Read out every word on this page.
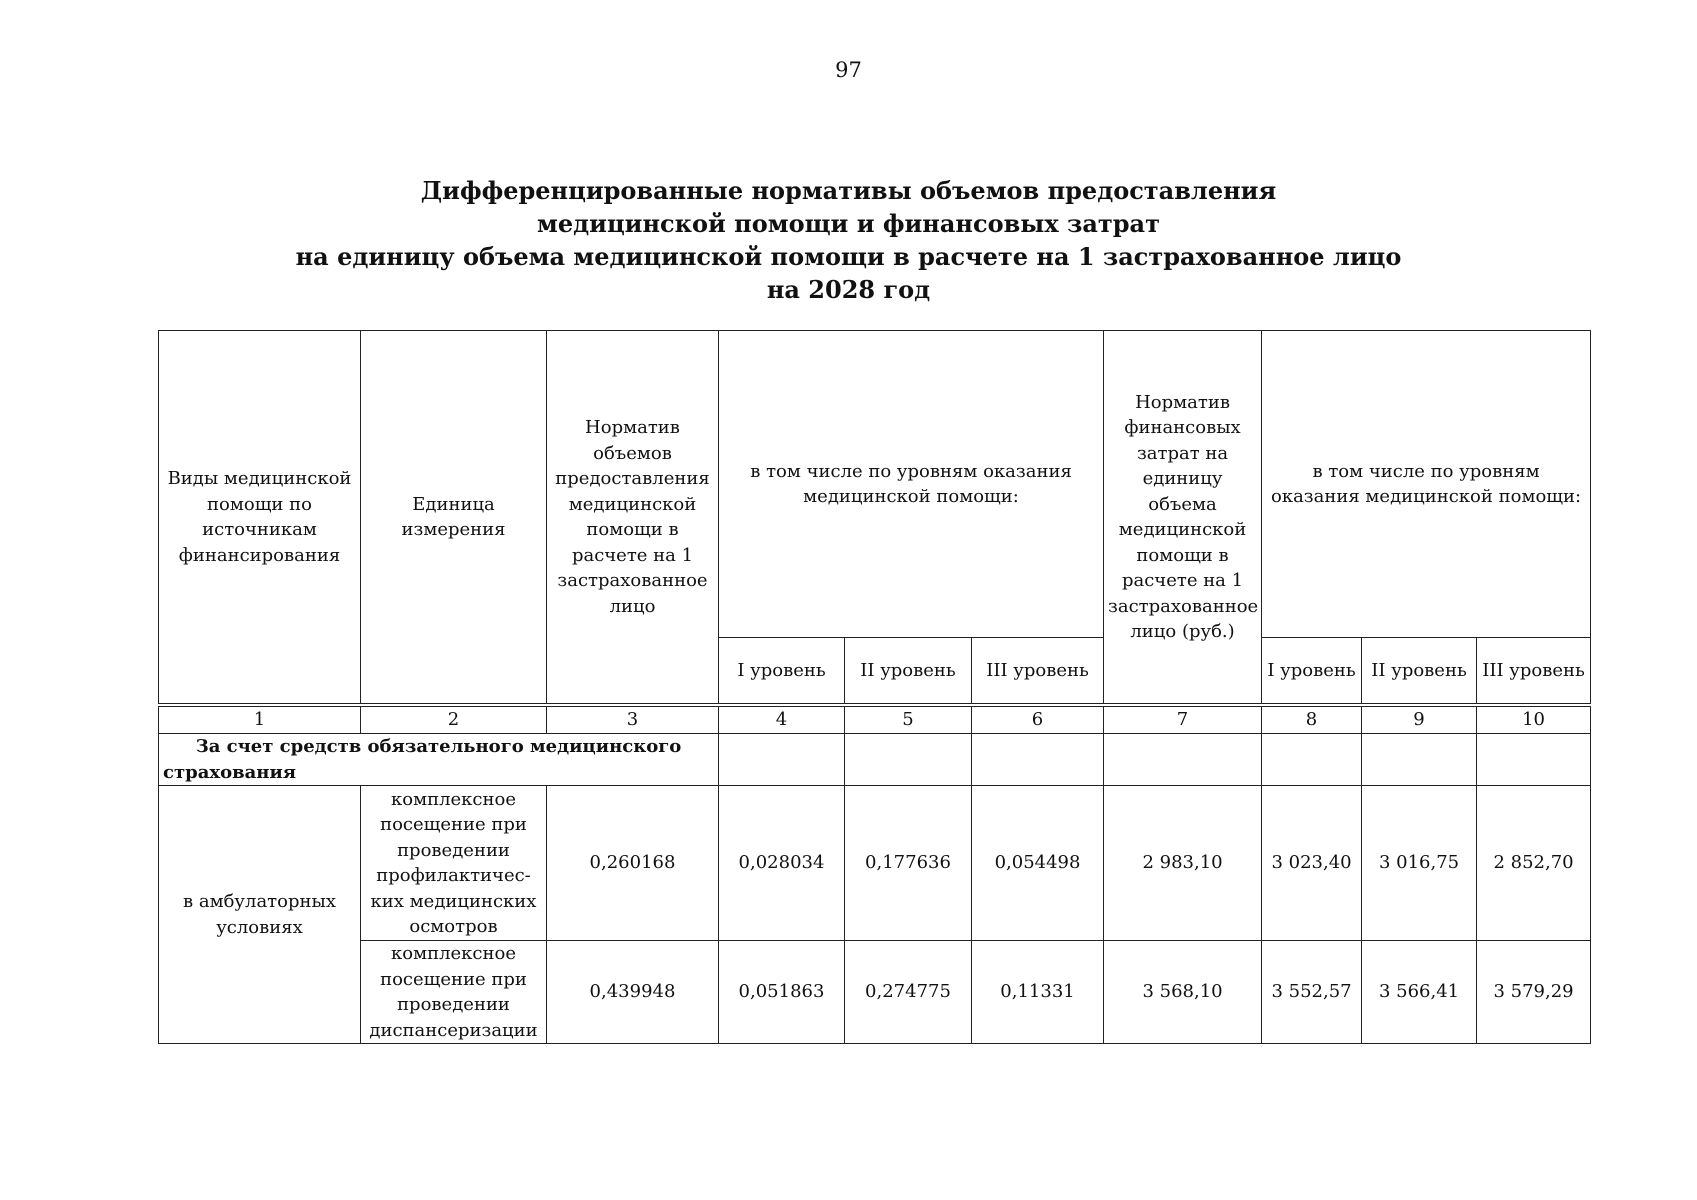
97
Дифференцированные нормативы объемов предоставления
медицинской помощи и финансовых затрат
на единицу объема медицинской помощи в расчете на 1 застрахованное лицо
на 2028 год
Виды медицинской помощи по источникам финансирования	Единица измерения	Норматив объемов предоставления медицинской помощи в расчете на 1 застрахованное лицо	в том числе по уровням оказания медицинской помощи:			Норматив финансовых затрат на единицу объема медицинской помощи в расчете на 1 застрахованное лицо (руб.)	в том числе по уровням оказания медицинской помощи:		
			I уровень	II уровень	III уровень		I уровень	II уровень	III уровень

1	2	3	4	5	6	7	8	9	10
За счет средств обязательного медицинского страхования									
в амбулаторных условиях	комплексное посещение при проведении профилактичес-ких медицинских осмотров	0,260168	0,028034	0,177636	0,054498	2 983,10	3 023,40	3 016,75	2 852,70
	комплексное посещение при проведении диспансеризации	0,439948	0,051863	0,274775	0,11331	3 568,10	3 552,57	3 566,41	3 579,29
